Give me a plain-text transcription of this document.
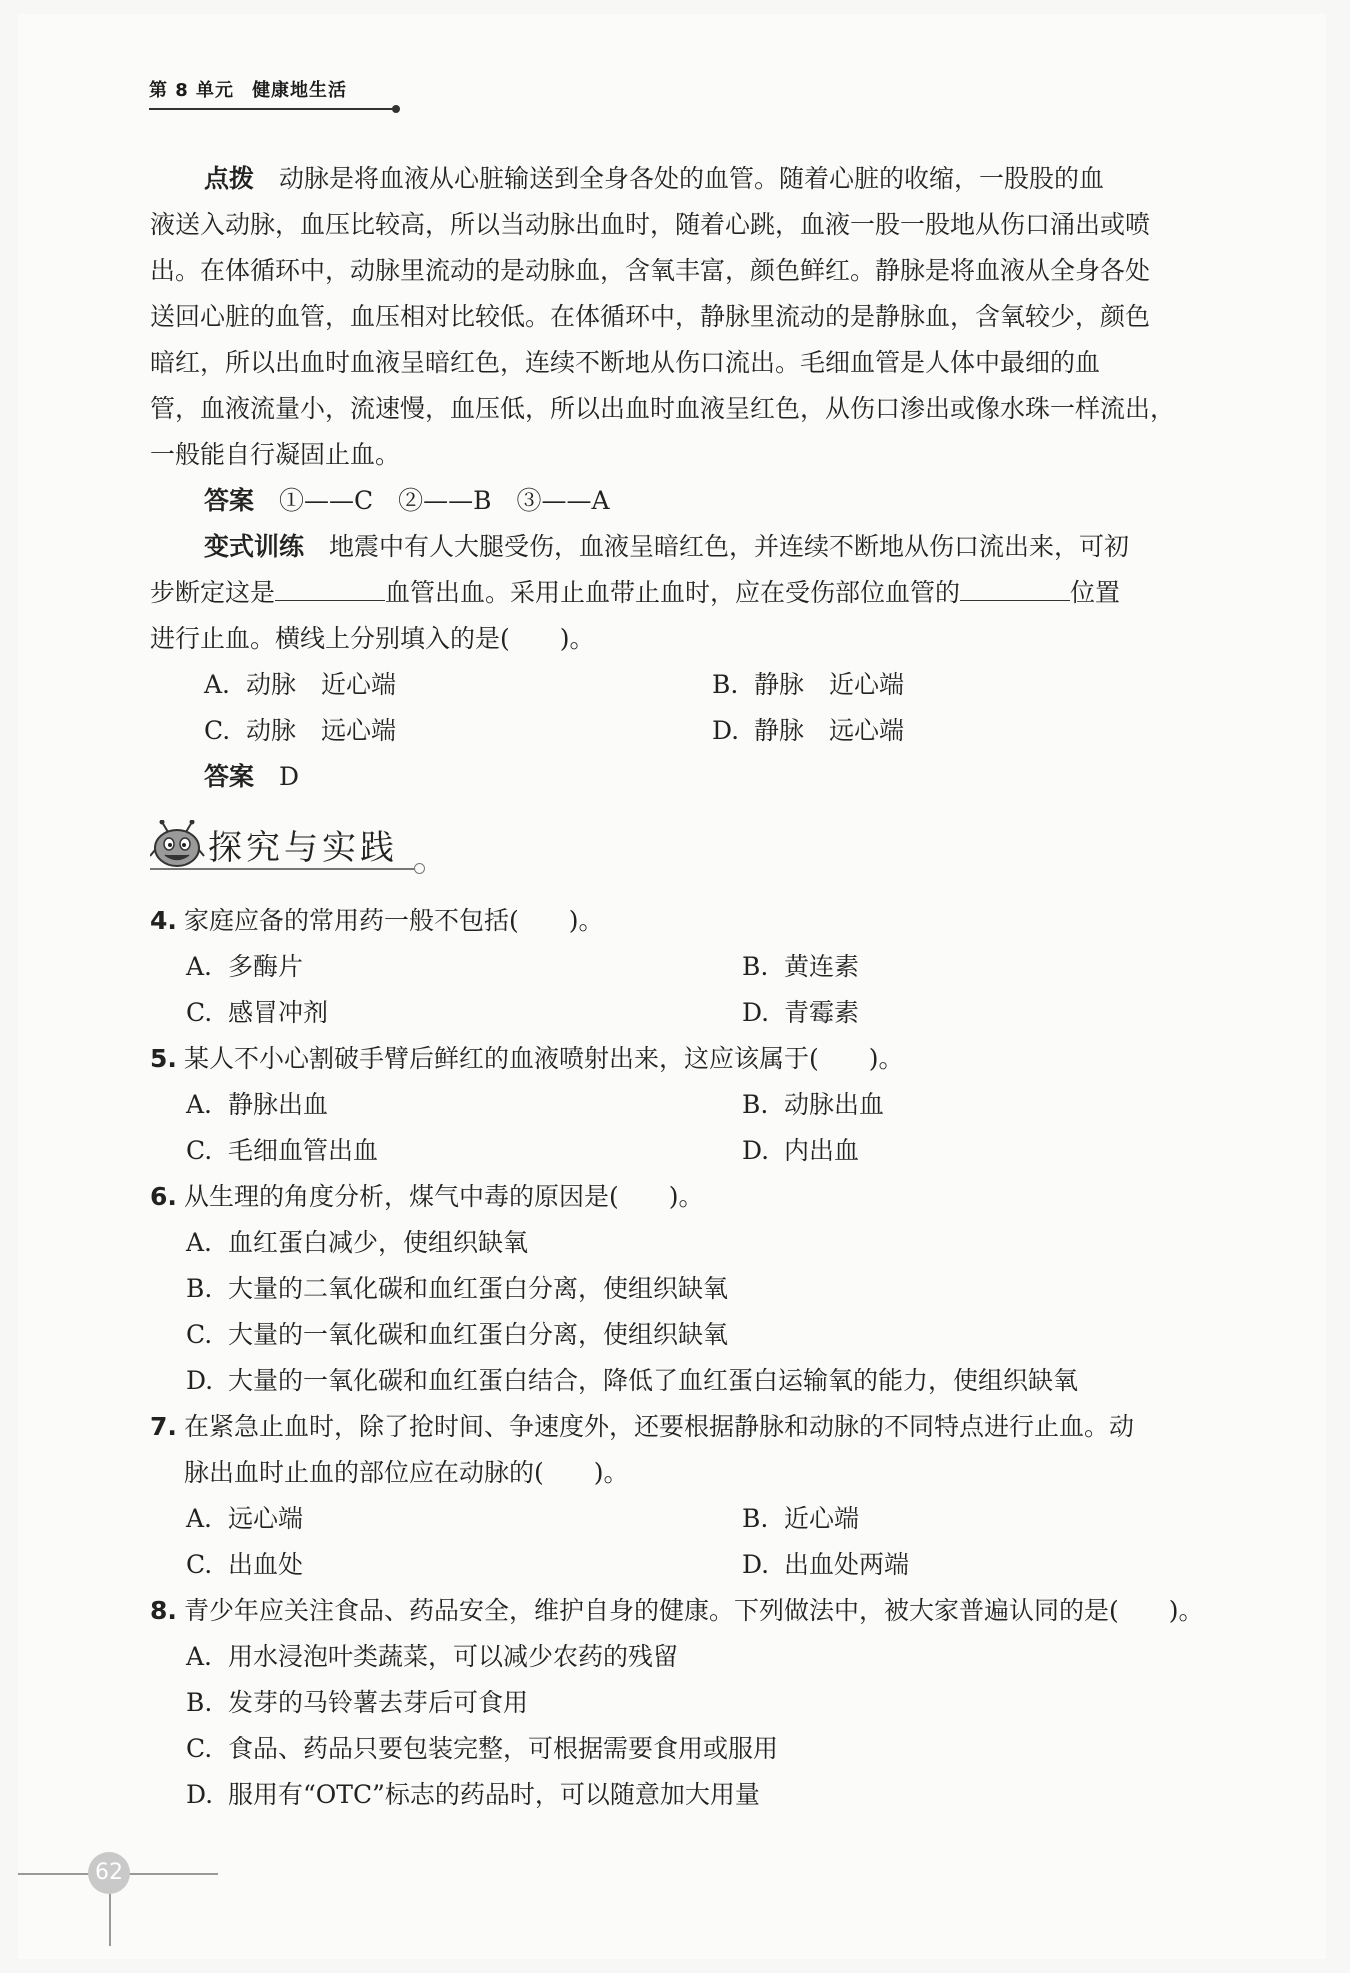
第 8 单元 健康地生活
点拨　 动脉是将血液从心脏输送到全身各处的血管。随着心脏的收缩，一股股的血
液送入动脉，血压比较高，所以当动脉出血时，随着心跳，血液一股一股地从伤口涌出或喷
出。在体循环中，动脉里流动的是动脉血，含氧丰富，颜色鲜红。静脉是将血液从全身各处
送回心脏的血管，血压相对比较低。在体循环中，静脉里流动的是静脉血，含氧较少，颜色
暗红，所以出血时血液呈暗红色，连续不断地从伤口流出。毛细血管是人体中最细的血
管，血液流量小，流速慢，血压低，所以出血时血液呈红色，从伤口渗出或像水珠一样流出，
一般能自行凝固止血。
答案　 ①——C　②——B　③——A
变式训练　 地震中有人大腿受伤，血液呈暗红色，并连续不断地从伤口流出来，可初
步断定这是	血管出血。采用止血带止血时，应在受伤部位血管的	位置
进行止血。横线上分别填入的是(　　)。
A. 动脉　近心端	B. 静脉　近心端
C. 动脉　远心端	D. 静脉　远心端
答案　 D
探究与实践
4. 家庭应备的常用药一般不包括(　　)。
A. 多酶片	B. 黄连素
C. 感冒冲剂	D. 青霉素
5. 某人不小心割破手臂后鲜红的血液喷射出来，这应该属于(　　)。
A. 静脉出血	B. 动脉出血
C. 毛细血管出血	D. 内出血
6. 从生理的角度分析，煤气中毒的原因是(　　)。
A. 血红蛋白减少，使组织缺氧
B. 大量的二氧化碳和血红蛋白分离，使组织缺氧
C. 大量的一氧化碳和血红蛋白分离，使组织缺氧
D. 大量的一氧化碳和血红蛋白结合，降低了血红蛋白运输氧的能力，使组织缺氧
7. 在紧急止血时，除了抢时间、争速度外，还要根据静脉和动脉的不同特点进行止血。动
脉出血时止血的部位应在动脉的(　　)。
A. 远心端	B. 近心端
C. 出血处	D. 出血处两端
8. 青少年应关注食品、药品安全，维护自身的健康。下列做法中，被大家普遍认同的是(　　)。
A. 用水浸泡叶类蔬菜，可以减少农药的残留
B. 发芽的马铃薯去芽后可食用
C. 食品、药品只要包装完整，可根据需要食用或服用
D. 服用有“OTC”标志的药品时，可以随意加大用量
62
